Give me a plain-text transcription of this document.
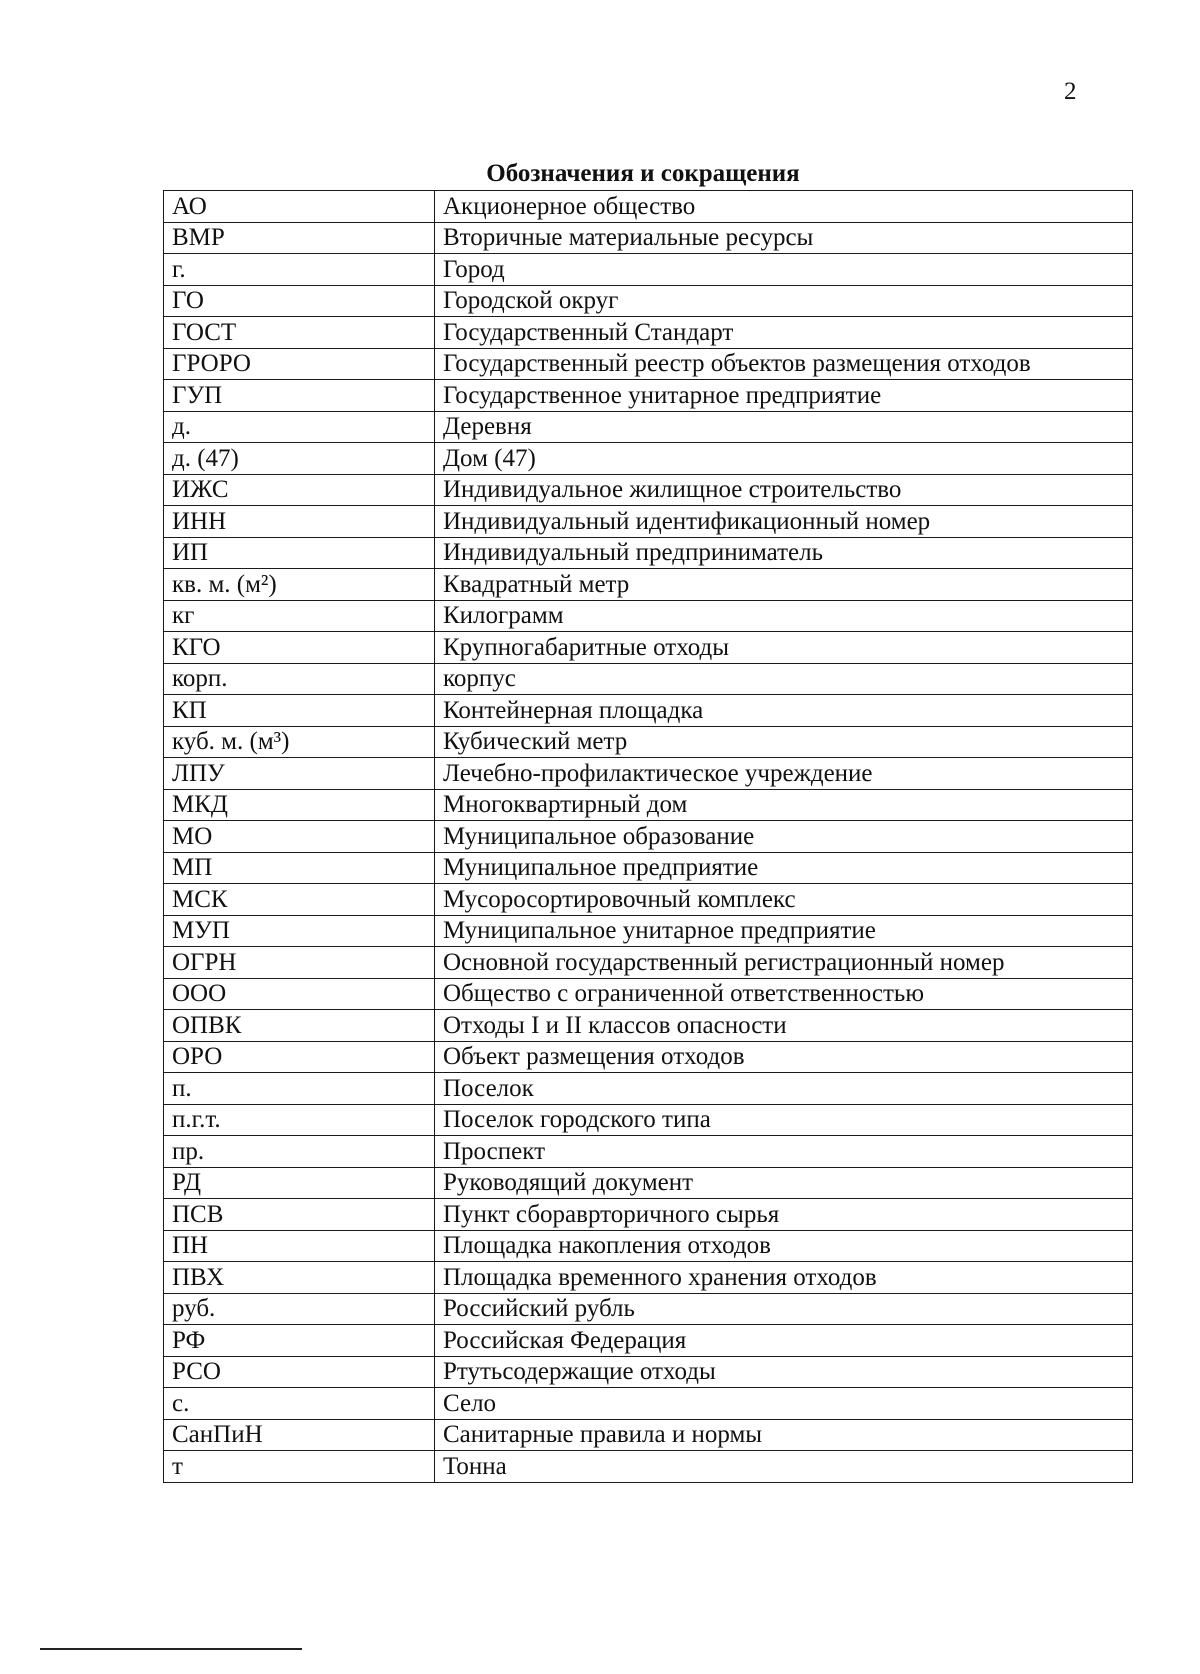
2
Обозначения и сокращения
АО	Акционерное общество
ВМР	Вторичные материальные ресурсы
г.	Город
ГО	Городской округ
ГОСТ	Государственный Стандарт
ГРОРО	Государственный реестр объектов размещения отходов
ГУП	Государственное унитарное предприятие
д.	Деревня
д. (47)	Дом (47)
ИЖС	Индивидуальное жилищное строительство
ИНН	Индивидуальный идентификационный номер
ИП	Индивидуальный предприниматель
кв. м. (м²)	Квадратный метр
кг	Килограмм
КГО	Крупногабаритные отходы
корп.	корпус
КП	Контейнерная площадка
куб. м. (м³)	Кубический метр
ЛПУ	Лечебно-профилактическое учреждение
МКД	Многоквартирный дом
МО	Муниципальное образование
МП	Муниципальное предприятие
МСК	Мусоросортировочный комплекс
МУП	Муниципальное унитарное предприятие
ОГРН	Основной государственный регистрационный номер
ООО	Общество с ограниченной ответственностью
ОПВК	Отходы I и II классов опасности
ОРО	Объект размещения отходов
п.	Поселок
п.г.т.	Поселок городского типа
пр.	Проспект
РД	Руководящий документ
ПСВ	Пункт сбораврторичного сырья
ПН	Площадка накопления отходов
ПВХ	Площадка временного хранения отходов
руб.	Российский рубль
РФ	Российская Федерация
РСО	Ртутьсодержащие отходы
с.	Село
СанПиН	Санитарные правила и нормы
т	Тонна
